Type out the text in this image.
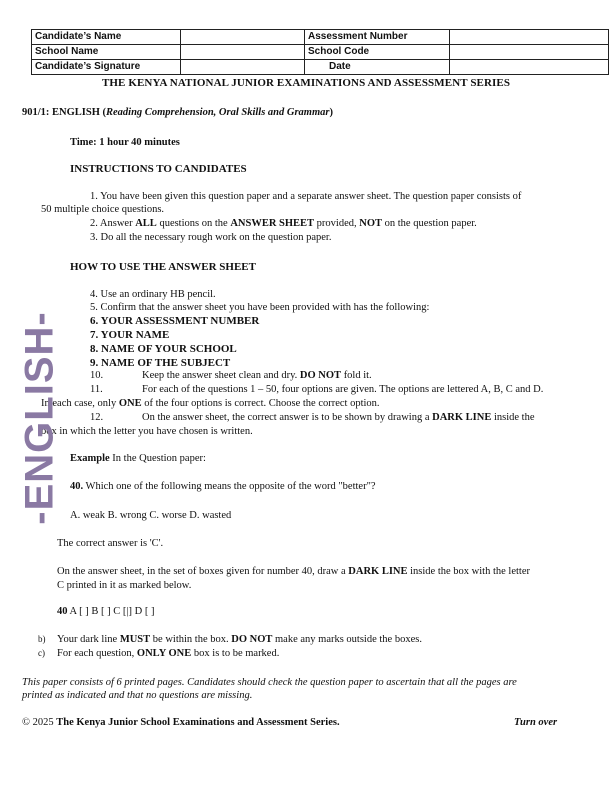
Candidate’s Name		Assessment Number	
School Name		School Code	
Candidate’s Signature		Date	
THE KENYA NATIONAL JUNIOR EXAMINATIONS AND ASSESSMENT SERIES
901/1: ENGLISH (Reading Comprehension, Oral Skills and Grammar)
Time: 1 hour 40 minutes
INSTRUCTIONS TO CANDIDATES
1. You have been given this question paper and a separate answer sheet. The question paper consists of
50 multiple choice questions.
2. Answer ALL questions on the ANSWER SHEET provided, NOT on the question paper.
3. Do all the necessary rough work on the question paper.
HOW TO USE THE ANSWER SHEET
4. Use an ordinary HB pencil.
5. Confirm that the answer sheet you have been provided with has the following:
6. YOUR ASSESSMENT NUMBER
7. YOUR NAME
8. NAME OF YOUR SCHOOL
9. NAME OF THE SUBJECT
10.	Keep the answer sheet clean and dry. DO NOT fold it.
11.	For each of the questions 1 – 50, four options are given. The options are lettered A, B, C and D.
In each case, only ONE of the four options is correct. Choose the correct option.
12.	On the answer sheet, the correct answer is to be shown by drawing a DARK LINE inside the
box in which the letter you have chosen is written.
Example In the Question paper:
40. Which one of the following means the opposite of the word "better"?
A. weak B. wrong C. worse D. wasted
The correct answer is 'C'.
On the answer sheet, in the set of boxes given for number 40, draw a DARK LINE inside the box with the letter
C printed in it as marked below.
40 A [ ] B [ ] C [|] D [ ]
b) Your dark line MUST be within the box. DO NOT make any marks outside the boxes.
c) For each question, ONLY ONE box is to be marked.
This paper consists of 6 printed pages. Candidates should check the question paper to ascertain that all the pages are
printed as indicated and that no questions are missing.
© 2025 The Kenya Junior School Examinations and Assessment Series.	Turn over
-ENGLISH-
